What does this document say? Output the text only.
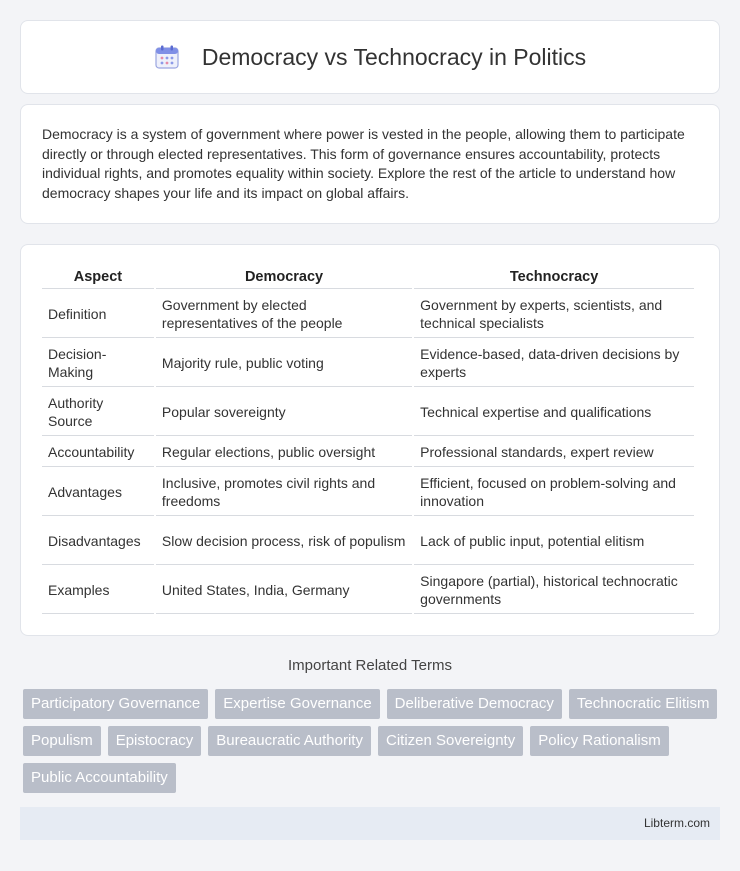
Democracy vs Technocracy in Politics

Democracy is a system of government where power is vested in the people, allowing them to participate directly or through elected representatives. This form of governance ensures accountability, protects individual rights, and promotes equality within society. Explore the rest of the article to understand how democracy shapes your life and its impact on global affairs.

Aspect	Democracy	Technocracy
Definition	Government by elected representatives of the people	Government by experts, scientists, and technical specialists
Decision-Making	Majority rule, public voting	Evidence-based, data-driven decisions by experts
Authority Source	Popular sovereignty	Technical expertise and qualifications
Accountability	Regular elections, public oversight	Professional standards, expert review
Advantages	Inclusive, promotes civil rights and freedoms	Efficient, focused on problem-solving and innovation
Disadvantages	Slow decision process, risk of populism	Lack of public input, potential elitism
Examples	United States, India, Germany	Singapore (partial), historical technocratic governments
Important Related Terms
Participatory Governance	Expertise Governance	Deliberative Democracy	Technocratic Elitism
Populism	Epistocracy	Bureaucratic Authority	Citizen Sovereignty	Policy Rationalism
Public Accountability
Libterm.com
